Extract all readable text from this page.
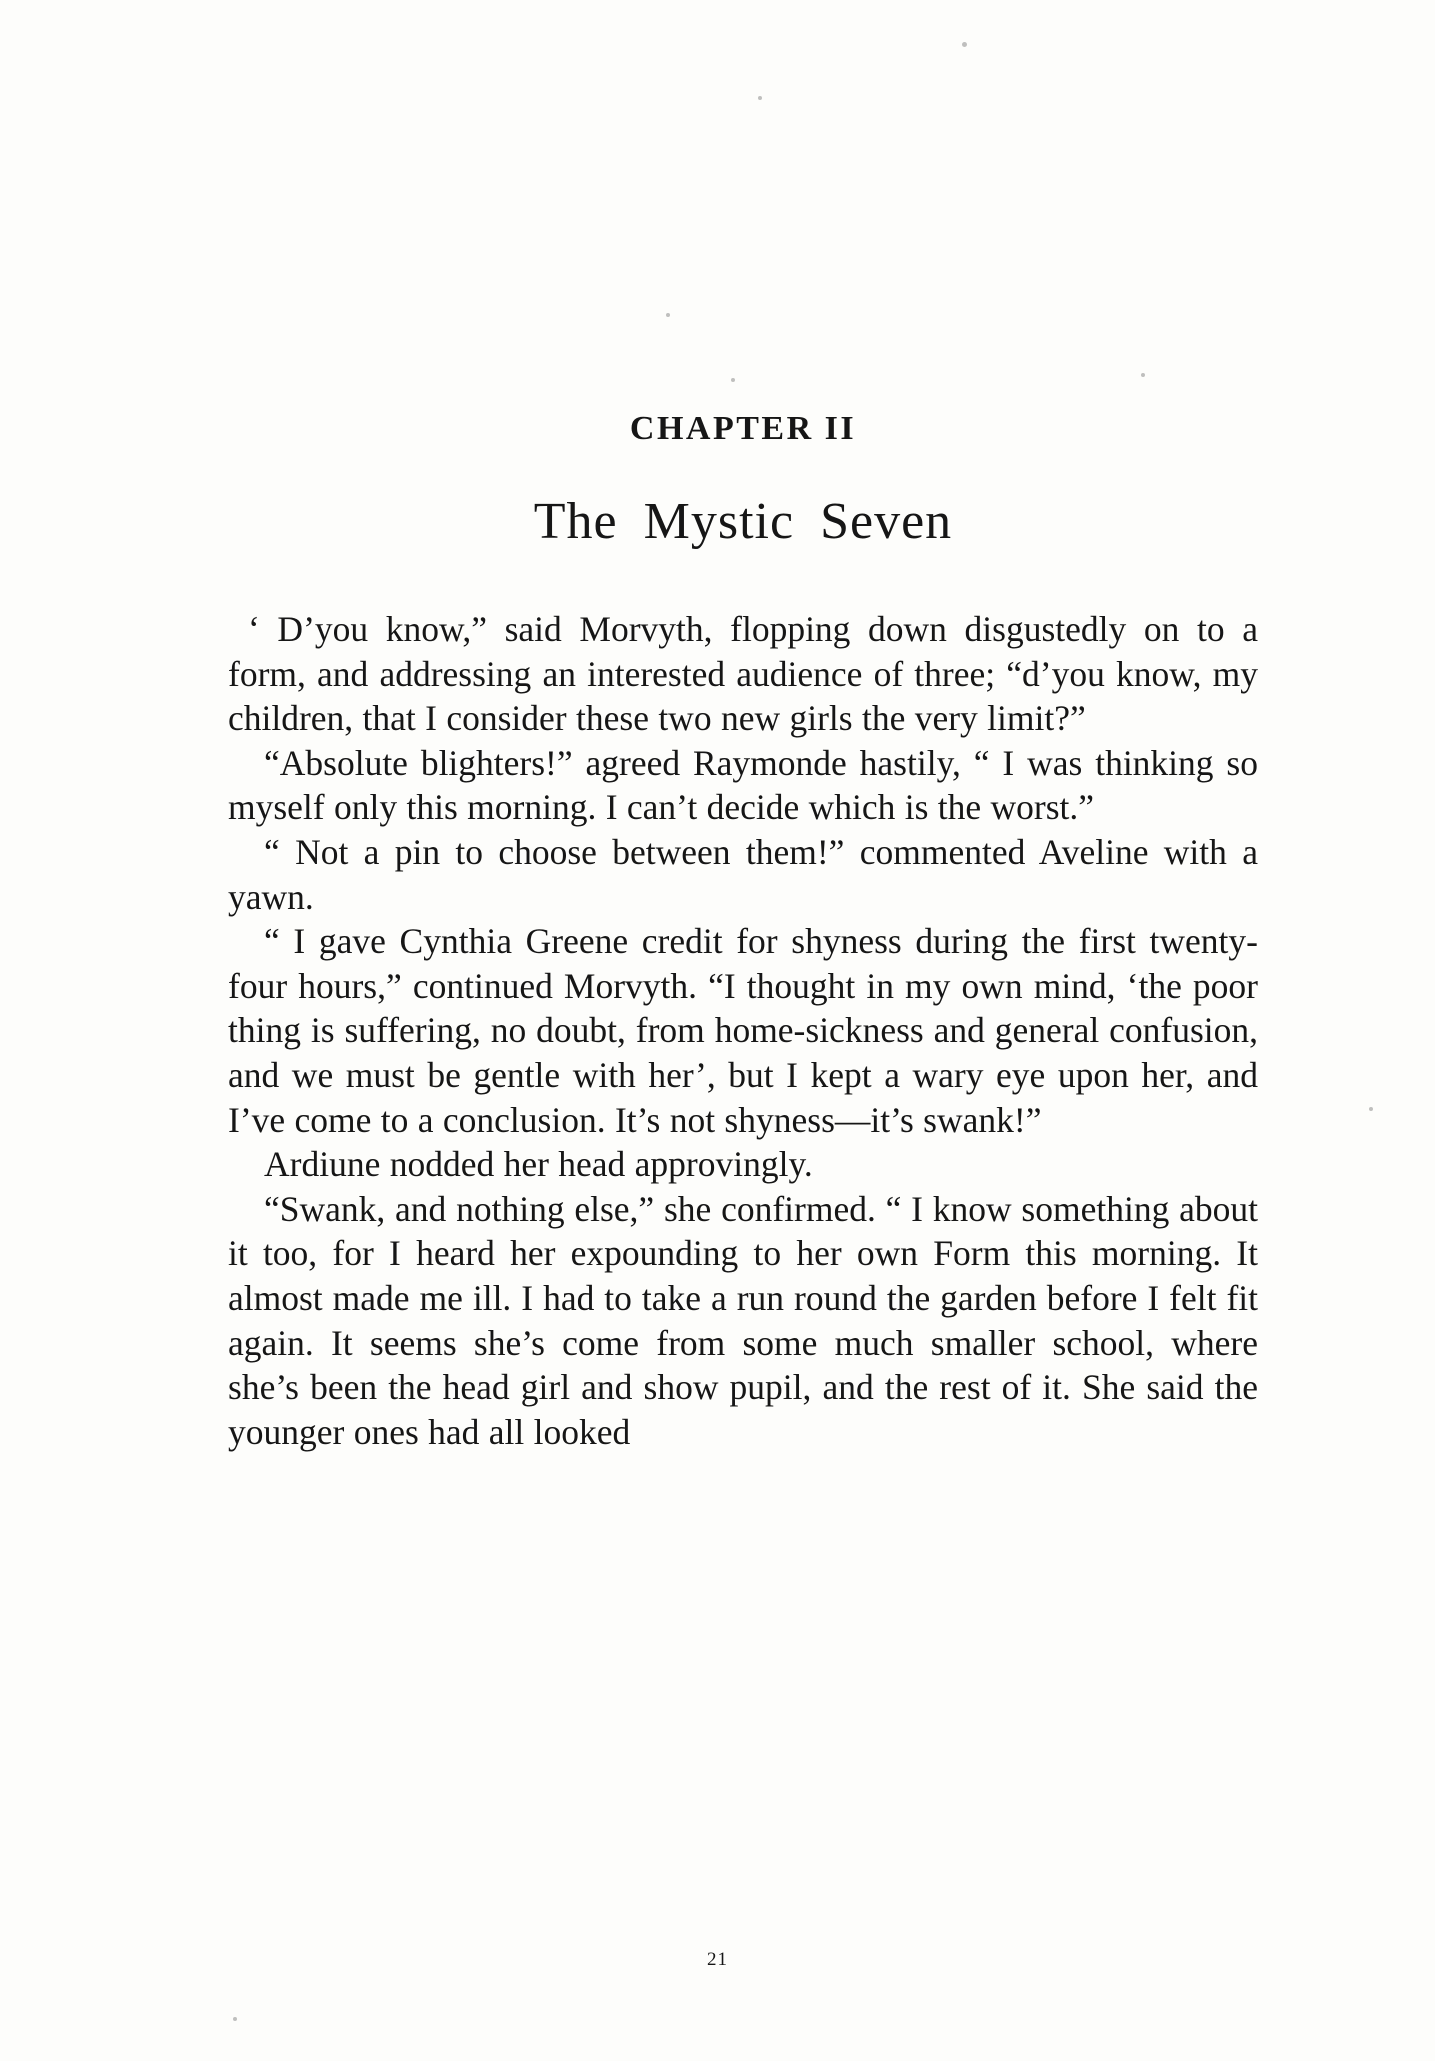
CHAPTER II
The Mystic Seven

‘ D’you know,” said Morvyth, flopping down disgustedly on to a form, and addressing an interested audience of three; “d’you know, my children, that I consider these two new girls the very limit?”

“Absolute blighters!” agreed Raymonde hastily, “ I was thinking so myself only this morning. I can’t decide which is the worst.”

“ Not a pin to choose between them!” commented Aveline with a yawn.

“ I gave Cynthia Greene credit for shyness during the first twenty-four hours,” continued Morvyth. “I thought in my own mind, ‘the poor thing is suffering, no doubt, from home-sickness and general confusion, and we must be gentle with her’, but I kept a wary eye upon her, and I’ve come to a conclusion. It’s not shyness—it’s swank!”

Ardiune nodded her head approvingly.

“Swank, and nothing else,” she confirmed. “ I know something about it too, for I heard her expounding to her own Form this morning. It almost made me ill. I had to take a run round the garden before I felt fit again. It seems she’s come from some much smaller school, where she’s been the head girl and show pupil, and the rest of it. She said the younger ones had all looked

21
